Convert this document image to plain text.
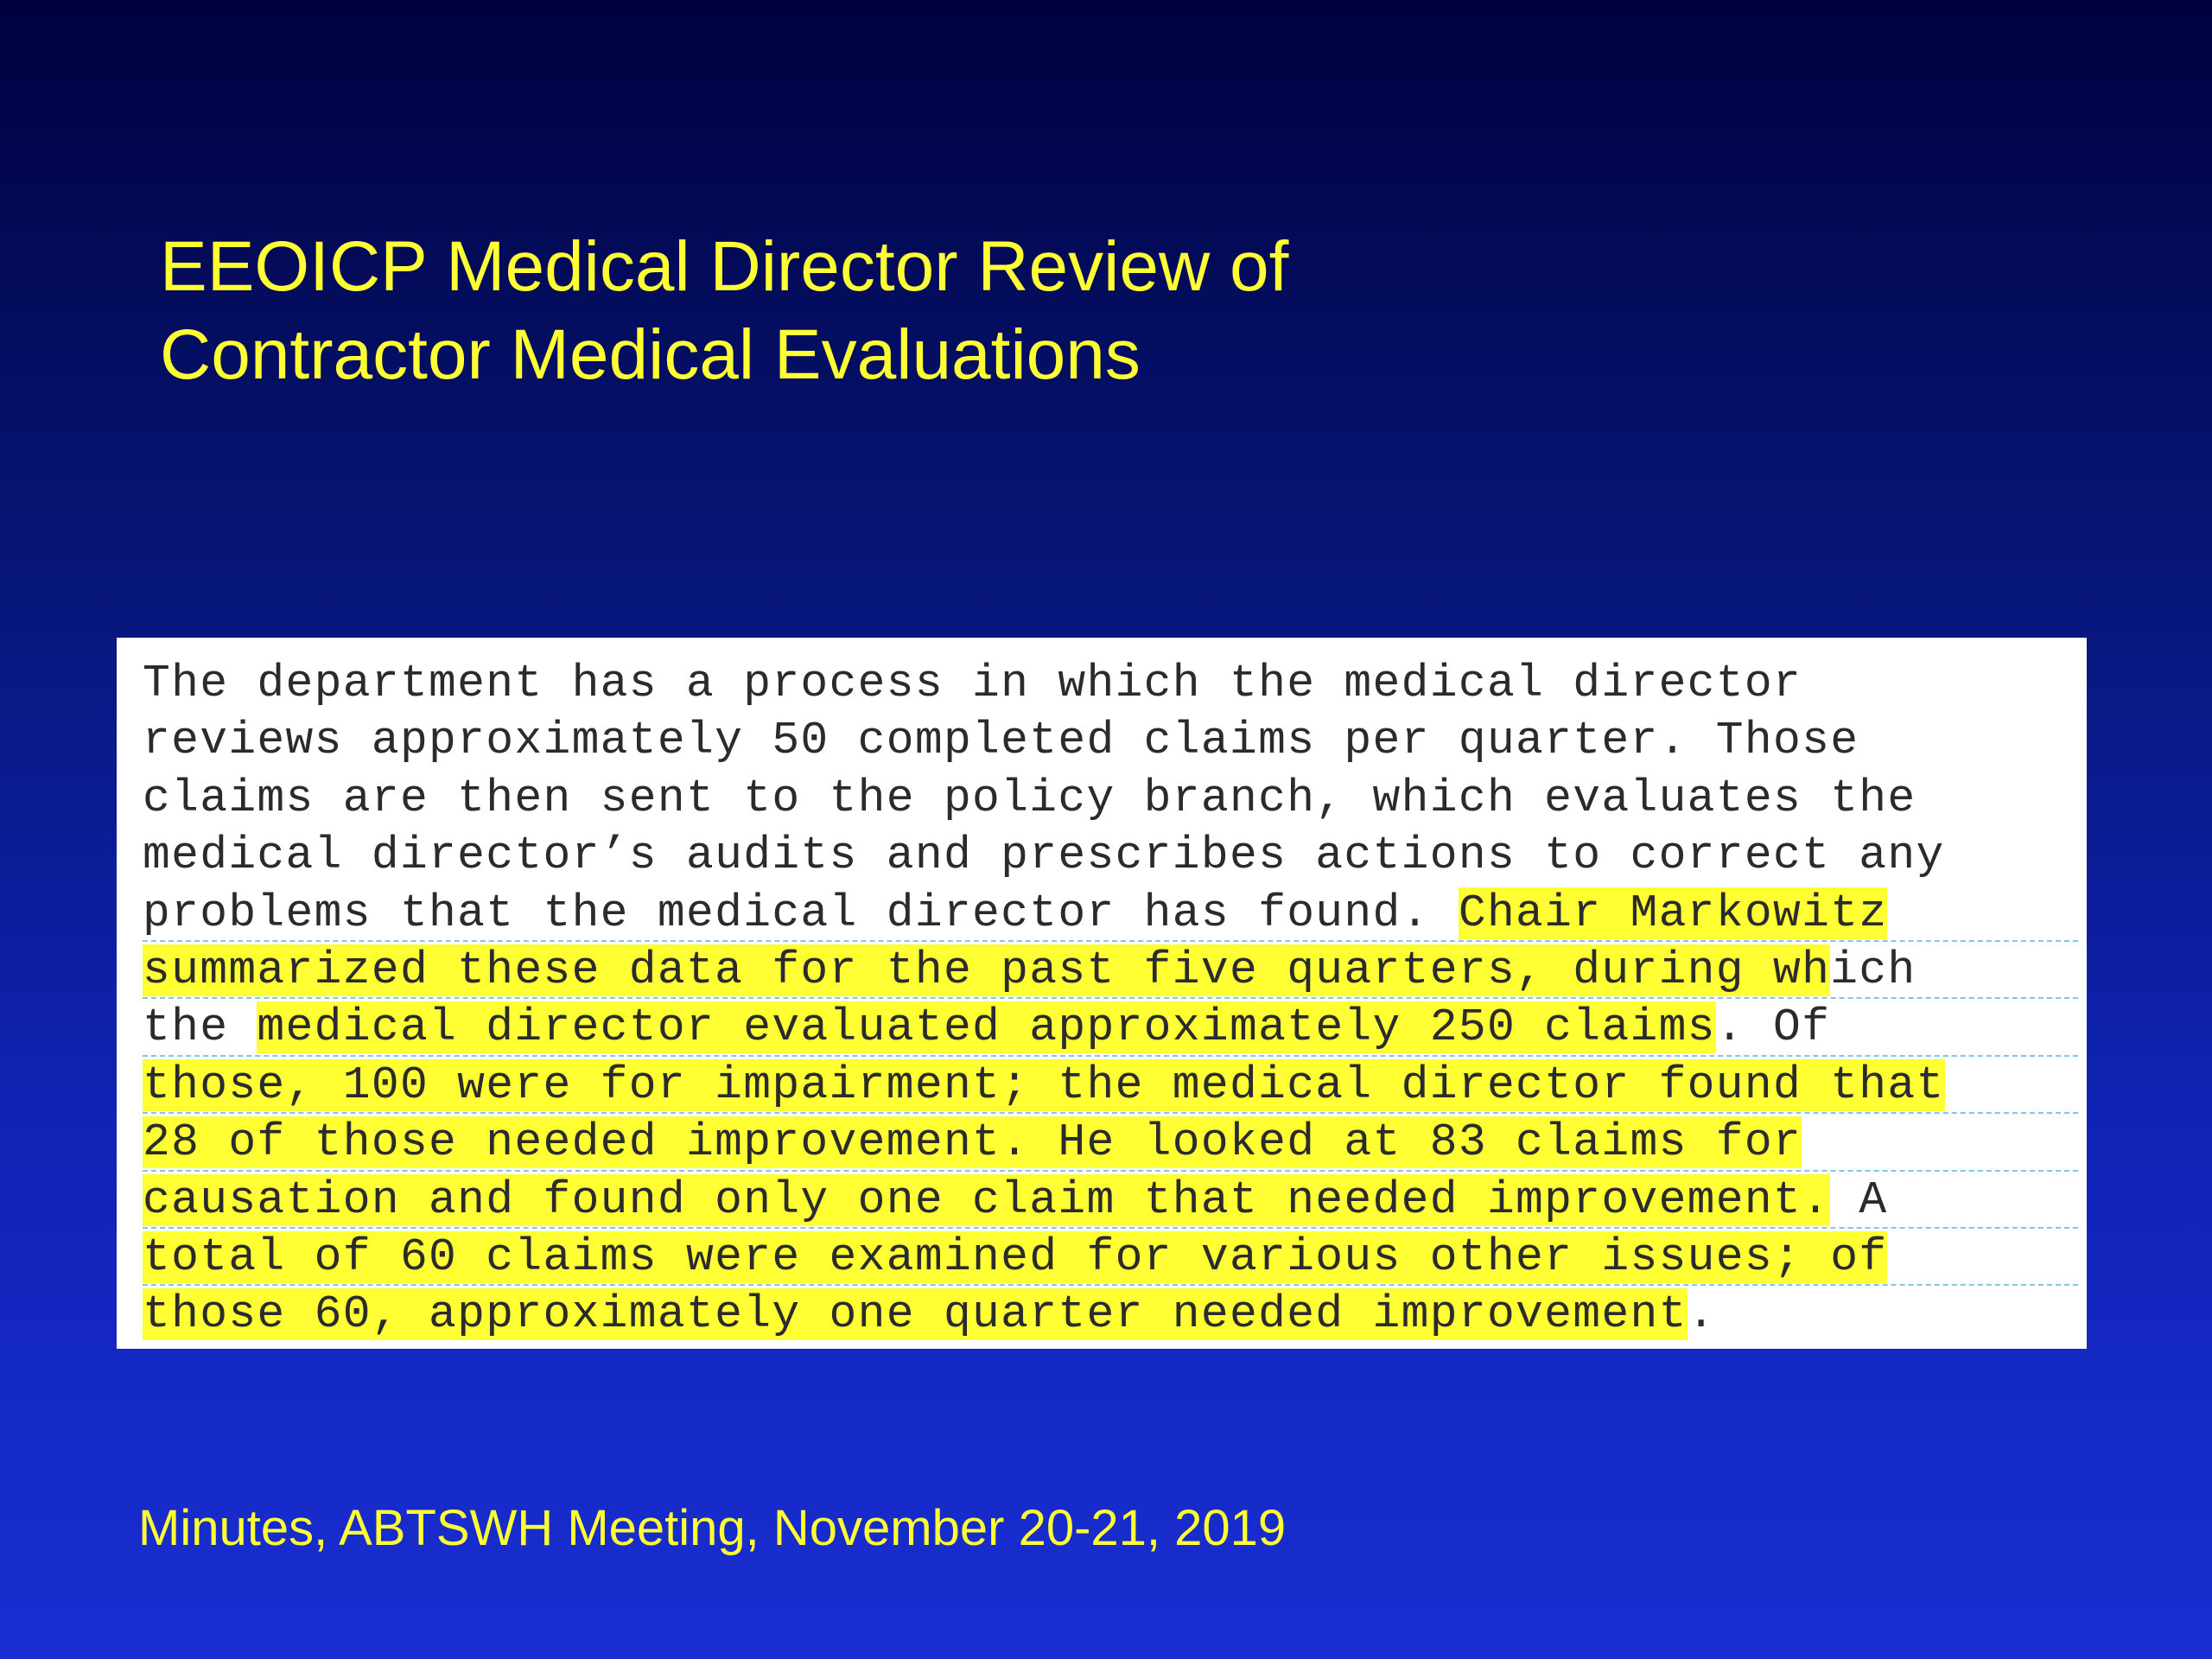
EEOICP Medical Director Review of
Contractor Medical Evaluations
The department has a process in which the medical director
reviews approximately 50 completed claims per quarter. Those
claims are then sent to the policy branch, which evaluates the
medical director’s audits and prescribes actions to correct any
problems that the medical director has found. Chair Markowitz
summarized these data for the past five quarters, during which
the medical director evaluated approximately 250 claims. Of
those, 100 were for impairment; the medical director found that
28 of those needed improvement. He looked at 83 claims for
causation and found only one claim that needed improvement. A
total of 60 claims were examined for various other issues; of
those 60, approximately one quarter needed improvement.
Minutes, ABTSWH Meeting, November 20-21, 2019
